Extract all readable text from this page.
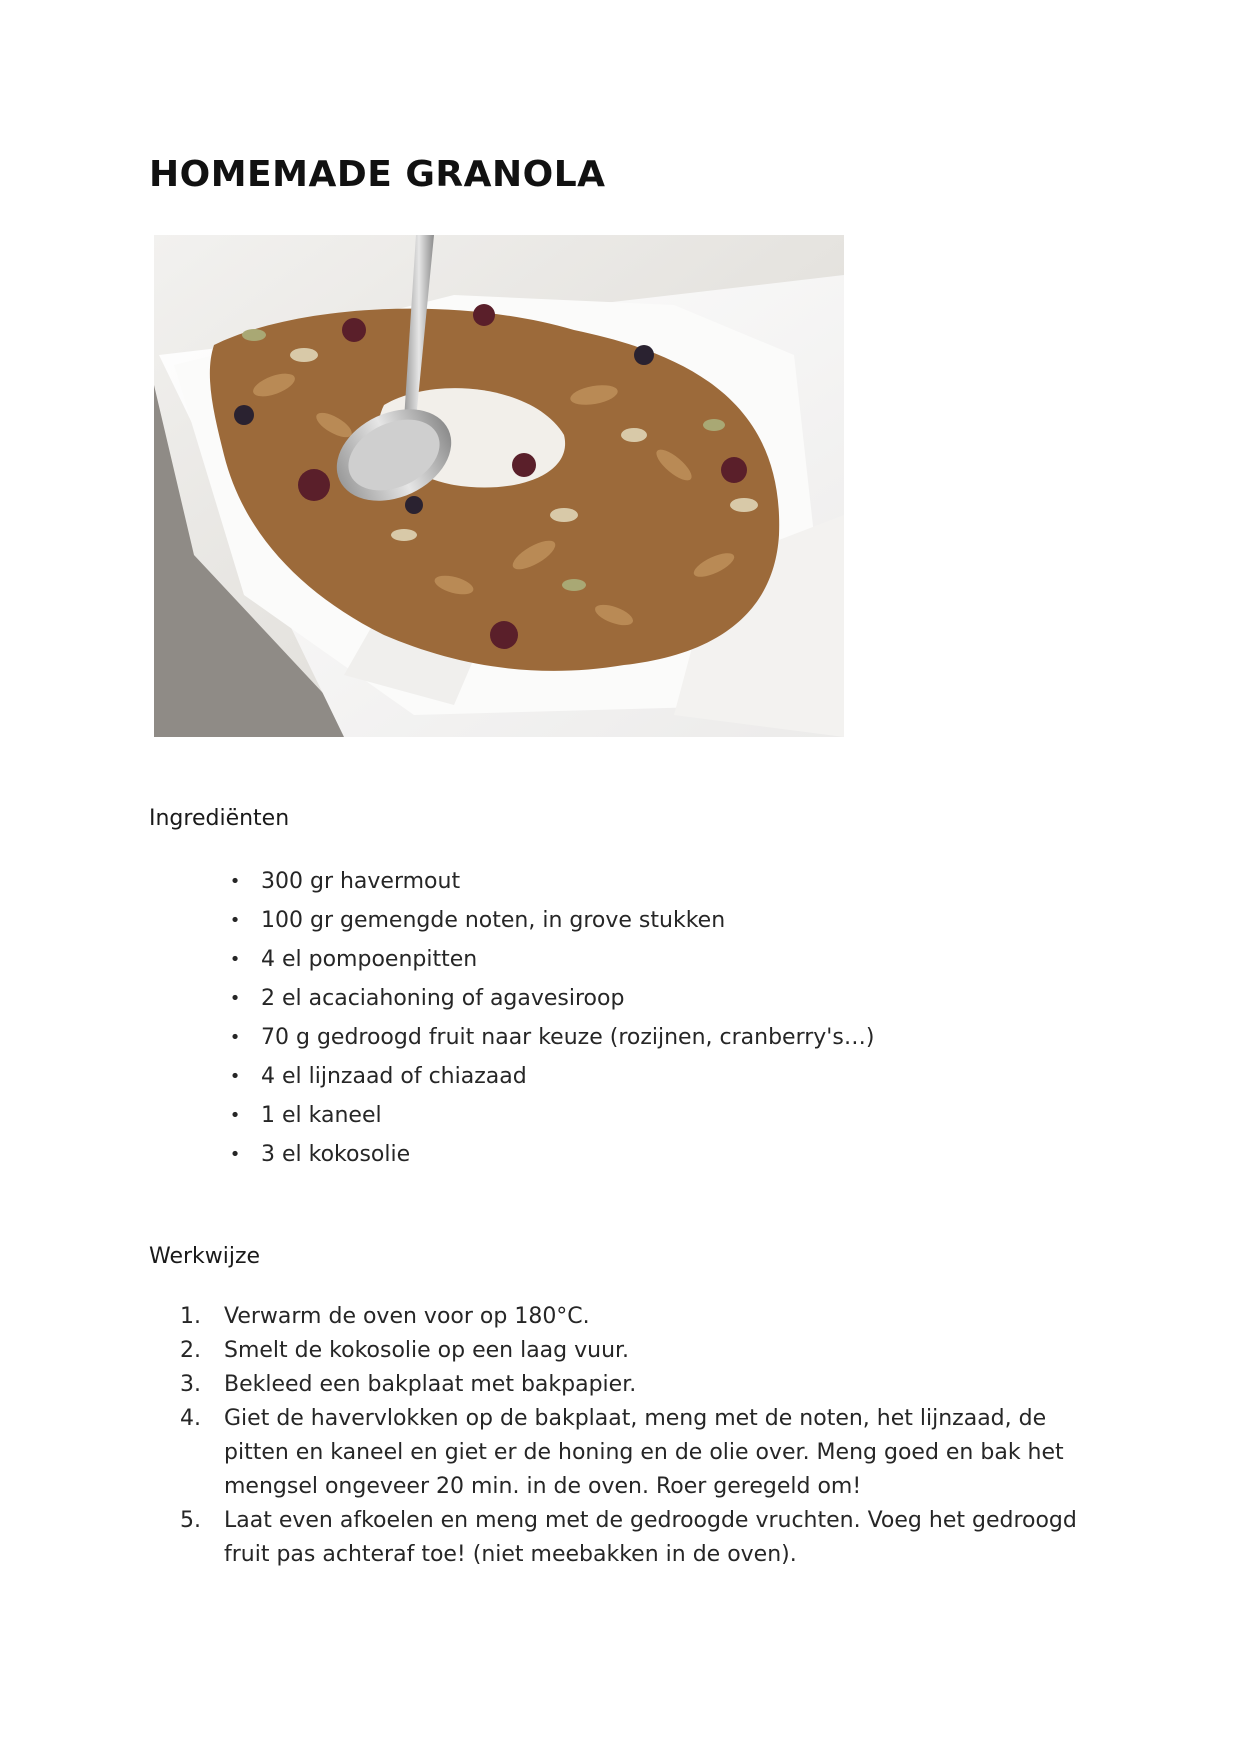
HOMEMADE GRANOLA
Ingrediënten
• 300 gr havermout
• 100 gr gemengde noten, in grove stukken
• 4 el pompoenpitten
• 2 el acaciahoning of agavesiroop
• 70 g gedroogd fruit naar keuze (rozijnen, cranberry's…)
• 4 el lijnzaad of chiazaad
• 1 el kaneel
• 3 el kokosolie
Werkwijze
1.	Verwarm de oven voor op 180°C.
2.	Smelt de kokosolie op een laag vuur.
3.	Bekleed een bakplaat met bakpapier.
4.	Giet de havervlokken op de bakplaat, meng met de noten, het lijnzaad, de pitten en kaneel en giet er de honing en de olie over. Meng goed en bak het mengsel ongeveer 20 min. in de oven. Roer geregeld om!
5.	Laat even afkoelen en meng met de gedroogde vruchten. Voeg het gedroogd fruit pas achteraf toe! (niet meebakken in de oven).
